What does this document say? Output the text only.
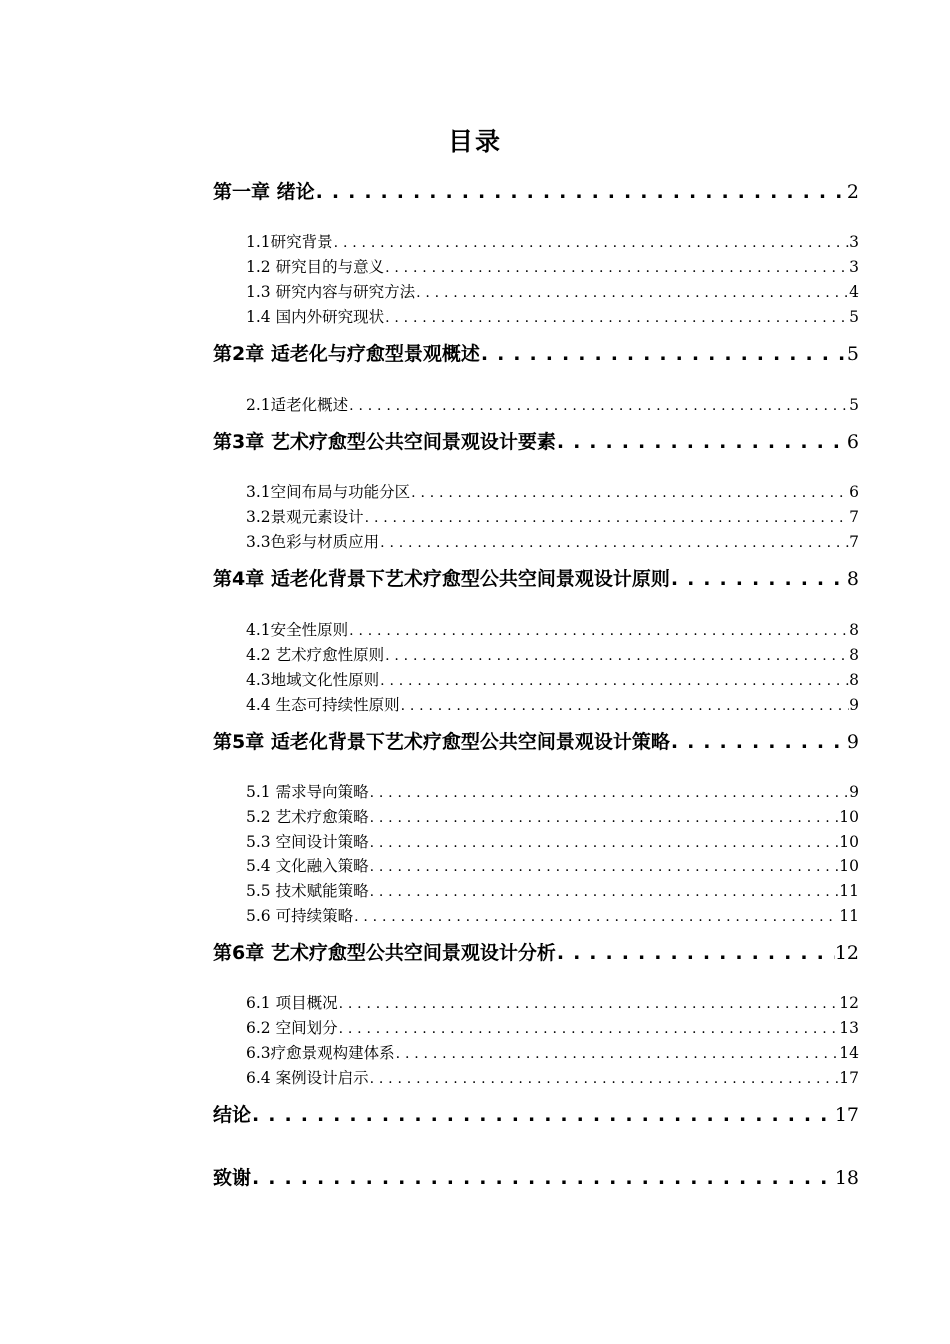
目录
第一章 绪论 . . .	2
1.1研究背景 . . .	3
1.2 研究目的与意义 . . .	3
1.3 研究内容与研究方法 . . .	4
1.4 国内外研究现状 . . .	5
第2章 适老化与疗愈型景观概述 . . .	5
2.1适老化概述 . . .	5
第3章 艺术疗愈型公共空间景观设计要素 . . .	6
3.1空间布局与功能分区 . . .	6
3.2景观元素设计 . . .	7
3.3色彩与材质应用 . . .	7
第4章 适老化背景下艺术疗愈型公共空间景观设计原则 . . .	8
4.1安全性原则 . . .	8
4.2 艺术疗愈性原则 . . .	8
4.3地域文化性原则 . . .	8
4.4 生态可持续性原则 . . .	9
第5章 适老化背景下艺术疗愈型公共空间景观设计策略 . . .	9
5.1 需求导向策略 . . .	9
5.2 艺术疗愈策略 . . .	10
5.3 空间设计策略 . . .	10
5.4 文化融入策略 . . .	10
5.5 技术赋能策略 . . .	11
5.6 可持续策略 . . .	11
第6章 艺术疗愈型公共空间景观设计分析 . . .	12
6.1 项目概况 . . .	12
6.2 空间划分 . . .	13
6.3疗愈景观构建体系 . . .	14
6.4 案例设计启示 . . .	17
结论 . . .	17
致谢 . . .	18
